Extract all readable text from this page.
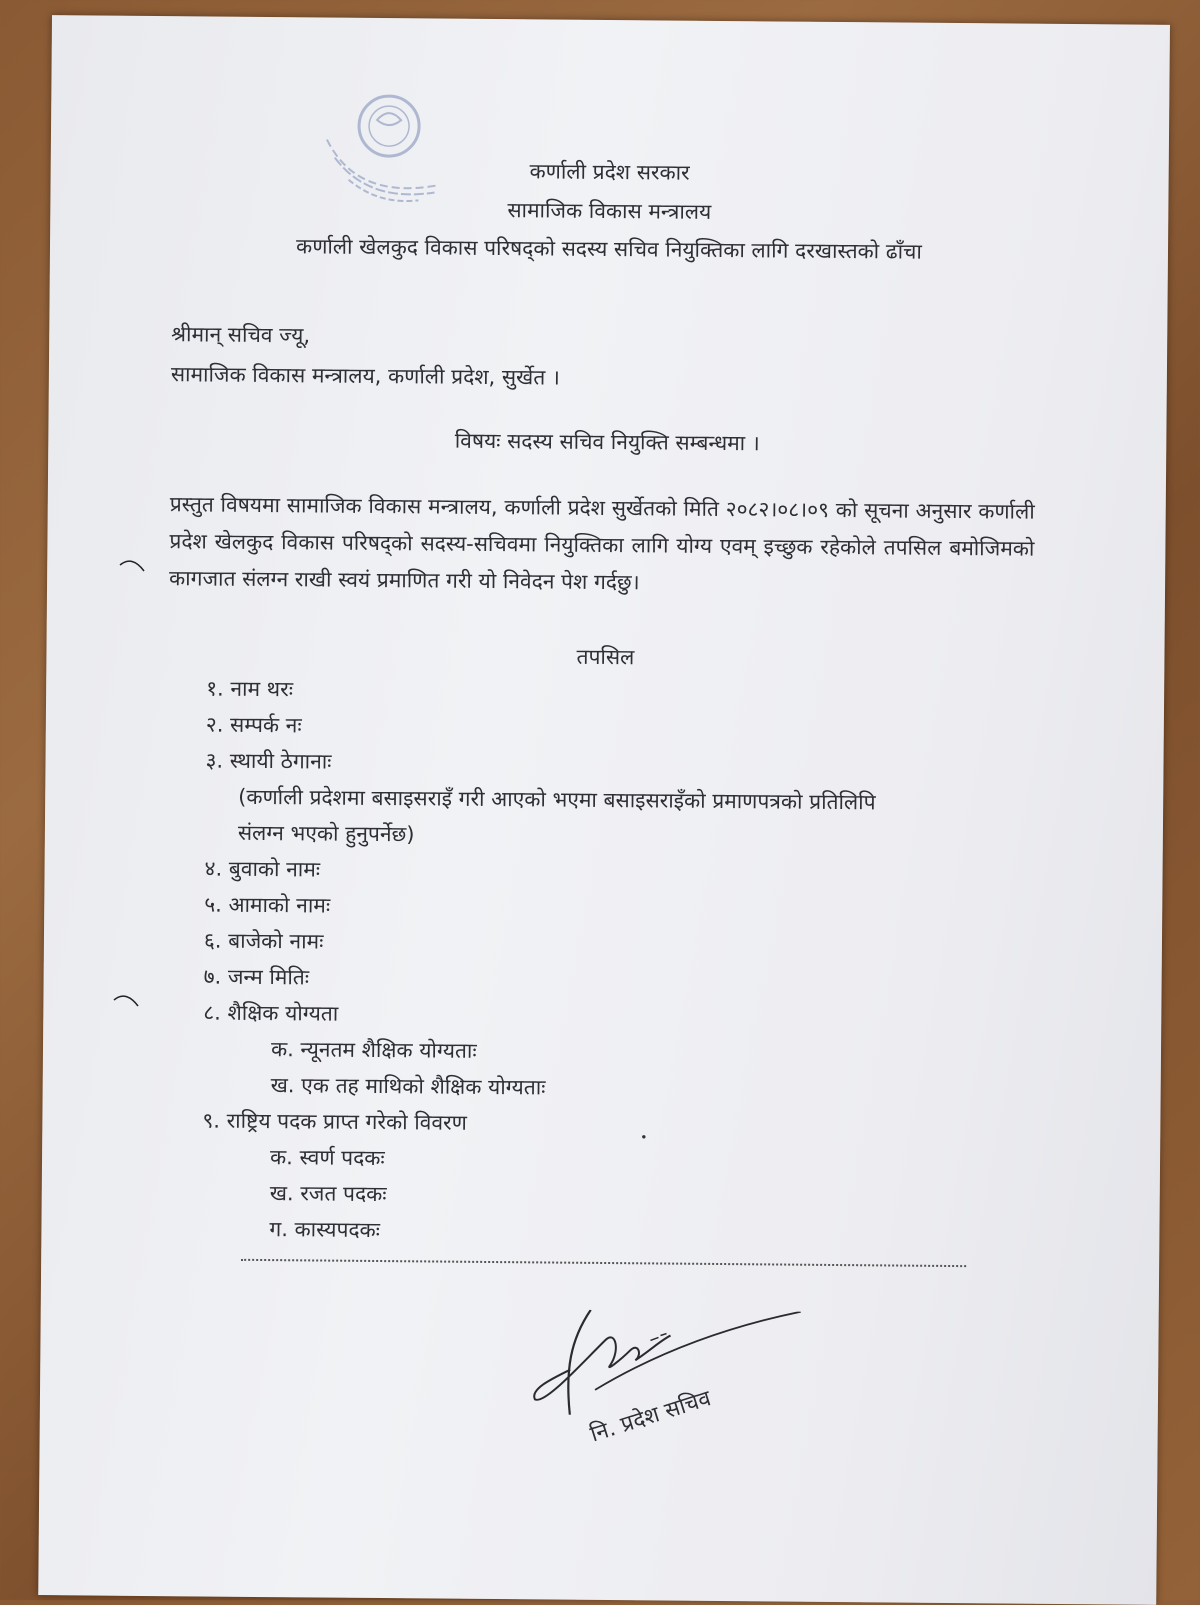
कर्णाली प्रदेश सरकार
सामाजिक विकास मन्त्रालय
कर्णाली खेलकुद विकास परिषद्को सदस्य सचिव नियुक्तिका लागि दरखास्तको ढाँचा
श्रीमान् सचिव ज्यू,
सामाजिक विकास मन्त्रालय, कर्णाली प्रदेश, सुर्खेत ।
विषयः सदस्य सचिव नियुक्ति सम्बन्धमा ।
प्रस्तुत विषयमा सामाजिक विकास मन्त्रालय, कर्णाली प्रदेश सुर्खेतको मिति २०८२।०८।०९ को सूचना अनुसार कर्णाली प्रदेश खेलकुद विकास परिषद्को सदस्य-सचिवमा नियुक्तिका लागि योग्य एवम् इच्छुक रहेकोले तपसिल बमोजिमको कागजात संलग्न राखी स्वयं प्रमाणित गरी यो निवेदन पेश गर्दछु।
तपसिल
१. नाम थरः
२. सम्पर्क नः
३. स्थायी ठेगानाः
(कर्णाली प्रदेशमा बसाइसराइँ गरी आएको भएमा बसाइसराइँको प्रमाणपत्रको प्रतिलिपि
संलग्न भएको हुनुपर्नेछ)
४. बुवाको नामः
५. आमाको नामः
६. बाजेको नामः
७. जन्म मितिः
८. शैक्षिक योग्यता
क. न्यूनतम शैक्षिक योग्यताः
ख. एक तह माथिको शैक्षिक योग्यताः
९. राष्ट्रिय पदक प्राप्त गरेको विवरण
क. स्वर्ण पदकः
ख. रजत पदकः
ग. कास्यपदकः
नि. प्रदेश सचिव
•
